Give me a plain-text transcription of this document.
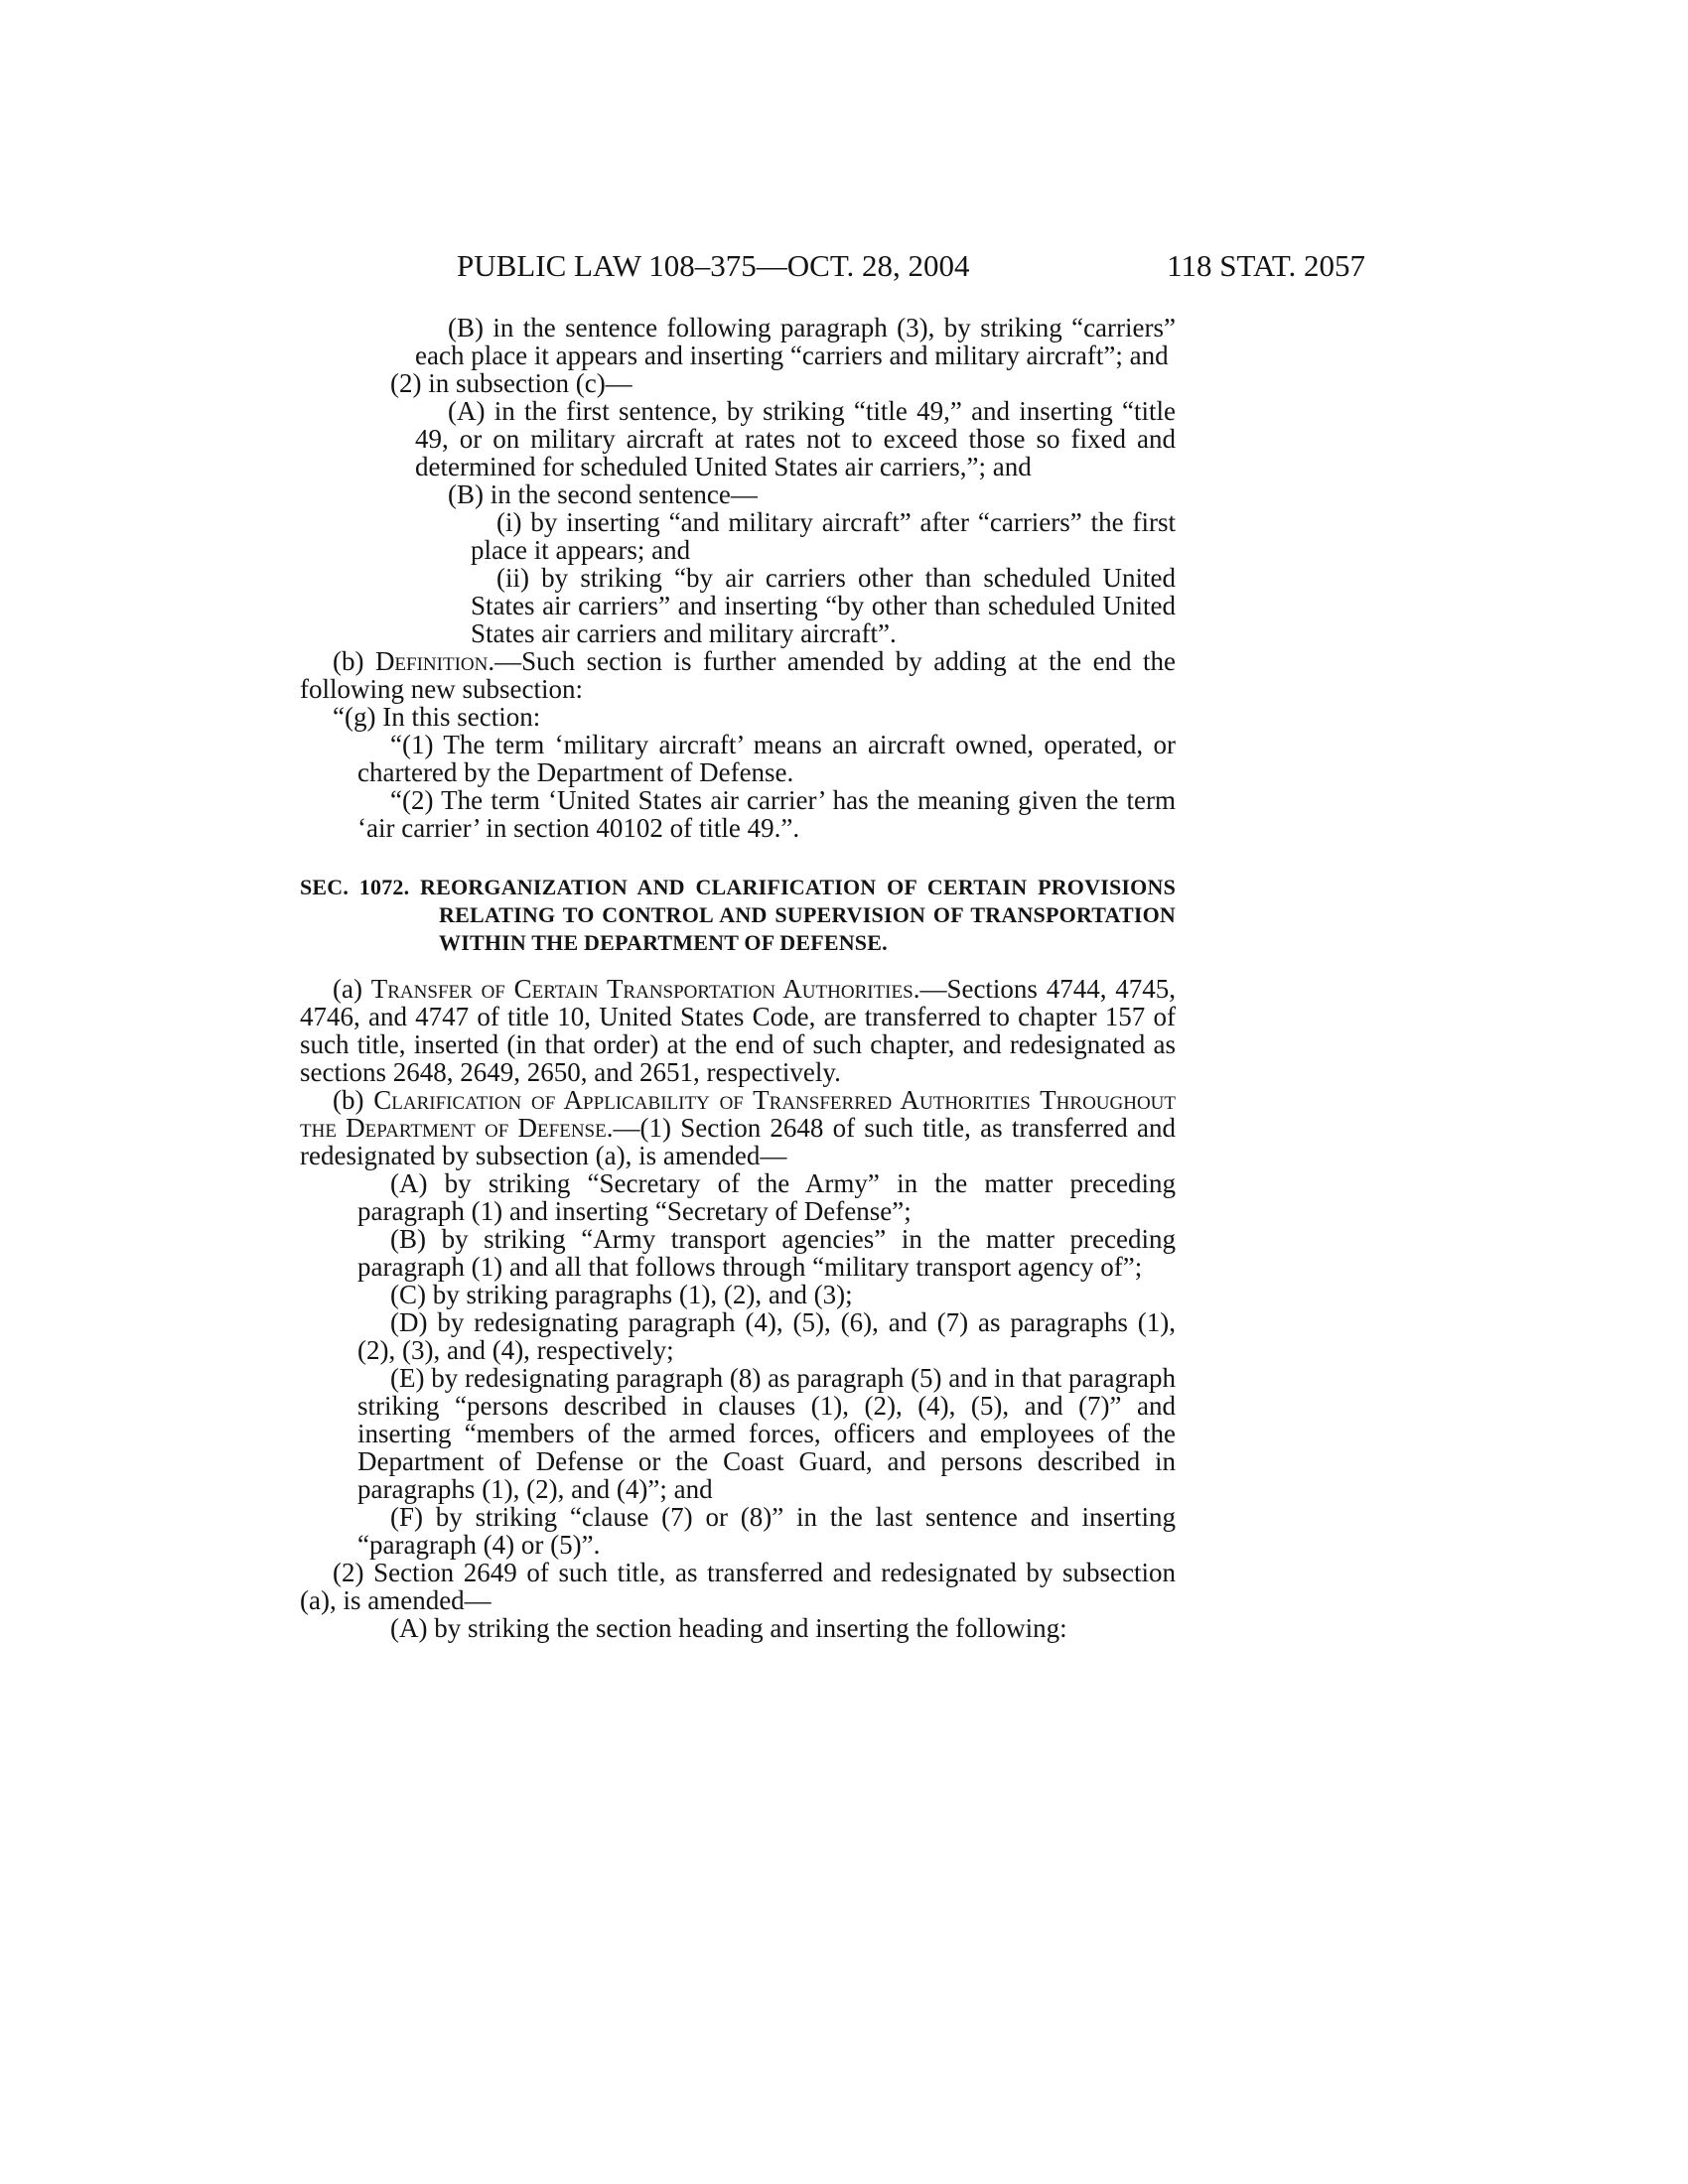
PUBLIC LAW 108–375—OCT. 28, 2004	118 STAT. 2057

(B) in the sentence following paragraph (3), by striking “carriers” each place it appears and inserting “carriers and military aircraft”; and

(2) in subsection (c)—

(A) in the first sentence, by striking “title 49,” and inserting “title 49, or on military aircraft at rates not to exceed those so fixed and determined for scheduled United States air carriers,”; and

(B) in the second sentence—

(i) by inserting “and military aircraft” after “carriers” the first place it appears; and

(ii) by striking “by air carriers other than scheduled United States air carriers” and inserting “by other than scheduled United States air carriers and military aircraft”.

(b) Definition.—Such section is further amended by adding at the end the following new subsection:

“(g) In this section:

“(1) The term ‘military aircraft’ means an aircraft owned, operated, or chartered by the Department of Defense.

“(2) The term ‘United States air carrier’ has the meaning given the term ‘air carrier’ in section 40102 of title 49.”.

SEC. 1072. REORGANIZATION AND CLARIFICATION OF CERTAIN PROVISIONS RELATING TO CONTROL AND SUPERVISION OF TRANSPORTATION WITHIN THE DEPARTMENT OF DEFENSE.

(a) Transfer of Certain Transportation Authorities.—Sections 4744, 4745, 4746, and 4747 of title 10, United States Code, are transferred to chapter 157 of such title, inserted (in that order) at the end of such chapter, and redesignated as sections 2648, 2649, 2650, and 2651, respectively.

(b) Clarification of Applicability of Transferred Authorities Throughout the Department of Defense.—(1) Section 2648 of such title, as transferred and redesignated by subsection (a), is amended—

(A) by striking “Secretary of the Army” in the matter preceding paragraph (1) and inserting “Secretary of Defense”;

(B) by striking “Army transport agencies” in the matter preceding paragraph (1) and all that follows through “military transport agency of”;

(C) by striking paragraphs (1), (2), and (3);

(D) by redesignating paragraph (4), (5), (6), and (7) as paragraphs (1), (2), (3), and (4), respectively;

(E) by redesignating paragraph (8) as paragraph (5) and in that paragraph striking “persons described in clauses (1), (2), (4), (5), and (7)” and inserting “members of the armed forces, officers and employees of the Department of Defense or the Coast Guard, and persons described in paragraphs (1), (2), and (4)”; and

(F) by striking “clause (7) or (8)” in the last sentence and inserting “paragraph (4) or (5)”.

(2) Section 2649 of such title, as transferred and redesignated by subsection (a), is amended—

(A) by striking the section heading and inserting the following:
